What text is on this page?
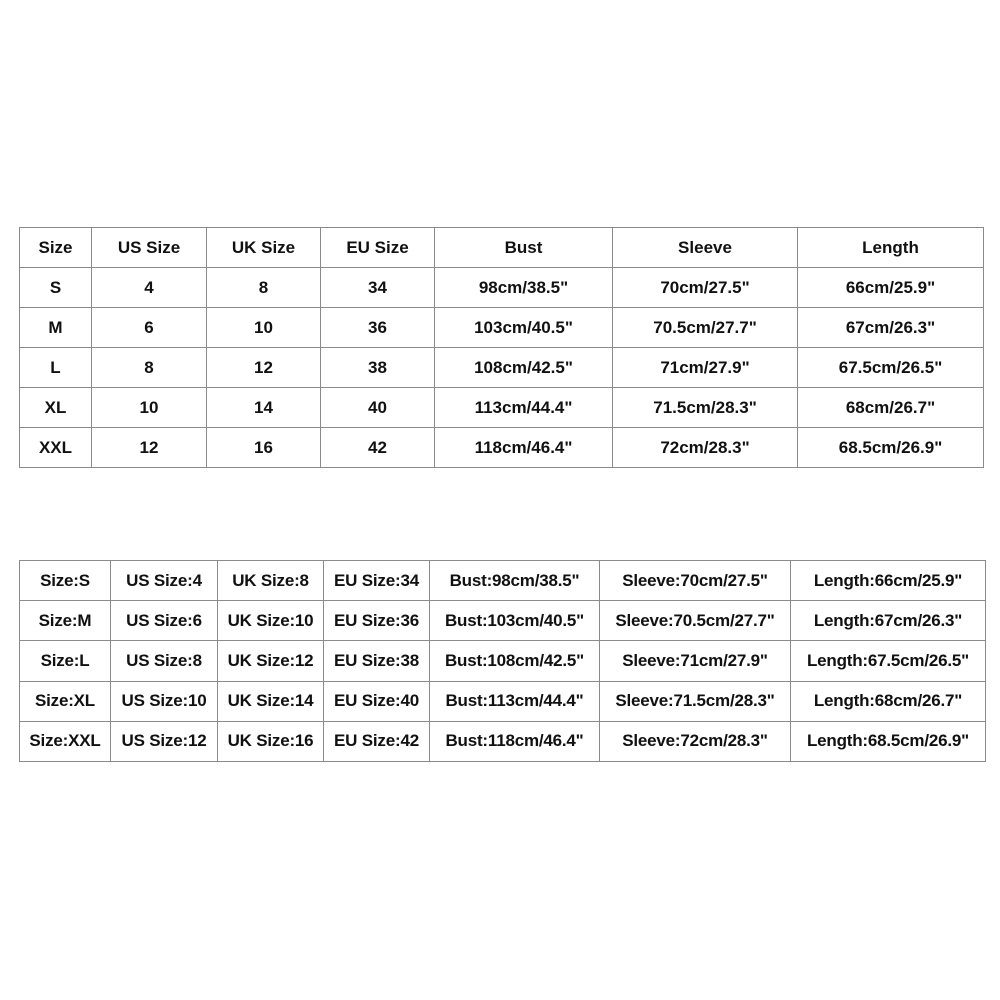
Size	US Size	UK Size	EU Size	Bust	Sleeve	Length
S	4	8	34	98cm/38.5"	70cm/27.5"	66cm/25.9"
M	6	10	36	103cm/40.5"	70.5cm/27.7"	67cm/26.3"
L	8	12	38	108cm/42.5"	71cm/27.9"	67.5cm/26.5"
XL	10	14	40	113cm/44.4"	71.5cm/28.3"	68cm/26.7"
XXL	12	16	42	118cm/46.4"	72cm/28.3"	68.5cm/26.9"
Size:S	US Size:4	UK Size:8	EU Size:34	Bust:98cm/38.5"	Sleeve:70cm/27.5"	Length:66cm/25.9"
Size:M	US Size:6	UK Size:10	EU Size:36	Bust:103cm/40.5"	Sleeve:70.5cm/27.7"	Length:67cm/26.3"
Size:L	US Size:8	UK Size:12	EU Size:38	Bust:108cm/42.5"	Sleeve:71cm/27.9"	Length:67.5cm/26.5"
Size:XL	US Size:10	UK Size:14	EU Size:40	Bust:113cm/44.4"	Sleeve:71.5cm/28.3"	Length:68cm/26.7"
Size:XXL	US Size:12	UK Size:16	EU Size:42	Bust:118cm/46.4"	Sleeve:72cm/28.3"	Length:68.5cm/26.9"
